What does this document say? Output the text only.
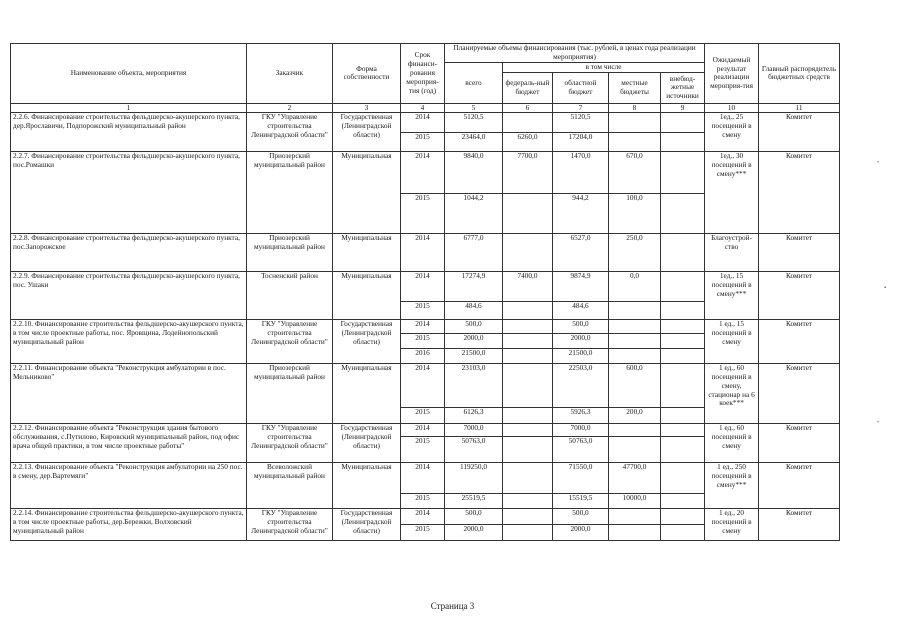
Наименование объекта, мероприятия	Заказчик	Форма собственности	Срок финанси-рования мероприя-тия (год)	Планируемые объемы финансирования (тыс. рублей, в ценах года реализации мероприятия)					Ожидаемый результат реализации мероприя-тия	Главный распорядитель бюджетных средств
				всего	в том числе					
					федераль-ный бюджет	областной бюджет	местные бюджеты	внебюд-жетные источники		
1	2	3	4	5	6	7	8	9	10	11
2.2.6. Финансирование строительства фельдшерско-акушерского пункта, дер.Ярославичи, Подпорожский муниципальный район	ГКУ "Управление строительства Ленинградской области"	Государственная (Ленинградской области)	2014	5120,5		5120,5			1ед., 25 посещений в смену	Комитет
			2015	23464,0	6260,0	17204,0				
2.2.7. Финансирование строительства фельдшерско-акушерского пункта, пос.Ромашки	Приозерский муниципальный район	Муниципальная	2014	9840,0	7700,0	1470,0	670,0		1ед., 30 посещений в смену***	Комитет
			2015	1044,2		944,2	100,0			
2.2.8. Финансирование строительства фельдшерско-акушерского пункта, пос.Запорожское	Приозерский муниципальный район	Муниципальная	2014	6777,0		6527,0	250,0		Благоустрой-ство	Комитет
2.2.9. Финансирование строительства фельдшерско-акушерского пункта, пос. Ушаки	Тосненский район	Муниципальная	2014	17274,9	7400,0	9874,9	0,0		1ед., 15 посещений в смену***	Комитет
			2015	484,6		484,6				
2.2.10. Финансирование строительства фельдшерско-акушерского пункта, в том числе проектные работы, пос. Яровщина, Лодейнопольский муниципальный район	ГКУ "Управление строительства Ленинградской области"	Государственная (Ленинградской области)	2014	500,0		500,0			1 ед., 15 посещений в смену	Комитет
			2015	2000,0		2000,0				
			2016	21500,0		21500,0				
2.2.11. Финансирование объекта "Реконструкция амбулатории в пос. Мельниково"	Приозерский муниципальный район	Муниципальная	2014	23103,0		22503,0	600,0		1 ед., 60 посещений в смену, стационар на 6 коек***	Комитет
			2015	6126,3		5926,3	200,0			
2.2.12. Финансирование объекта "Реконструкция здания бытового обслуживания, с.Путилово, Кировский муниципальный район, под офис врача общей практики, в том числе проектные работы"	ГКУ "Управление строительства Ленинградской области"	Государственная (Ленинградской области)	2014	7000,0		7000,0			1 ед., 60 посещений в смену	Комитет
			2015	50763,0		50763,0				
2.2.13. Финансирование объекта "Реконструкция амбулатории на 250 пос. в смену, дер.Вартемяги"	Всеволожский муниципальный район	Муниципальная	2014	119250,0		71550,0	47700,0		1 ед., 250 посещений в смену***	Комитет
			2015	25519,5		15519,5	10000,0			
2.2.14. Финансирование строительства фельдшерско-акушерского пункта, в том числе проектные работы, дер.Бережки, Волховский муниципальный район	ГКУ "Управление строительства Ленинградской области"	Государственная (Ленинградской области)	2014	500,0		500,0			1 ед., 20 посещений в смену	Комитет
			2015	2000,0		2000,0				
Страница 3
•
▪
•
